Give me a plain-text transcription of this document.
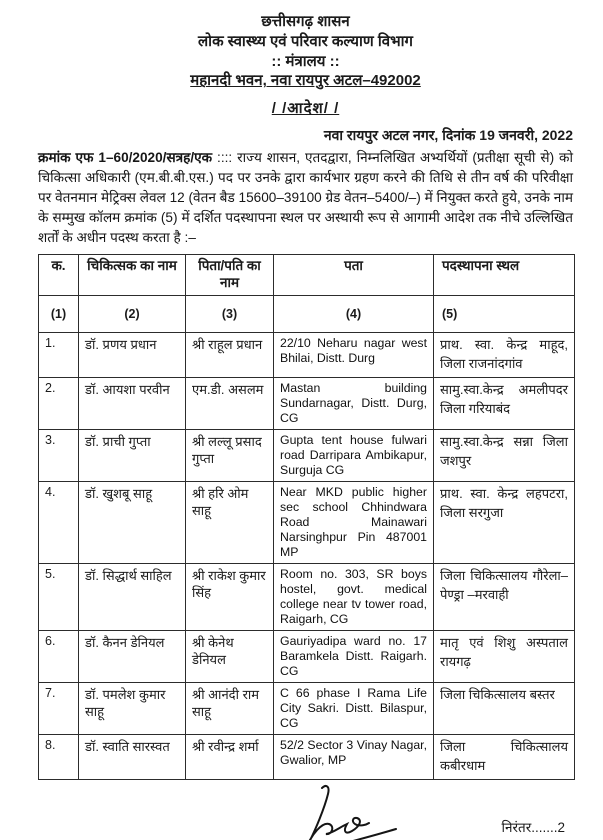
छत्तीसगढ़ शासन
लोक स्वास्थ्य एवं परिवार कल्याण विभाग
:: मंत्रालय ::
महानदी भवन, नवा रायपुर अटल–492002
/ /आदेश/ /
नवा रायपुर अटल नगर, दिनांक 19 जनवरी, 2022
क्रमांक एफ 1–60/2020/सत्रह/एक :::: राज्य शासन, एतदद्वारा, निम्नलिखित अभ्यर्थियों (प्रतीक्षा सूची से) को चिकित्सा अधिकारी (एम.बी.बी.एस.) पद पर उनके द्वारा कार्यभार ग्रहण करने की तिथि से तीन वर्ष की परिवीक्षा पर वेतनमान मेट्रिक्स लेवल 12 (वेतन बैड 15600–39100 ग्रेड वेतन–5400/–) में नियुक्त करते हुये, उनके नाम के सम्मुख कॉलम क्रमांक (5) में दर्शित पदस्थापना स्थल पर अस्थायी रूप से आगामी आदेश तक नीचे उल्लिखित शर्तों के अधीन पदस्थ करता है :–
क.	चिकित्सक का नाम	पिता/पति का नाम	पता	पदस्थापना स्थल
(1)	(2)	(3)	(4)	(5)
1.	डॉ. प्रणय प्रधान	श्री राहूल प्रधान	22/10 Neharu nagar west Bhilai, Distt. Durg	प्राथ. स्वा. केन्द्र माहूद, जिला राजनांदगांव
2.	डॉ. आयशा परवीन	एम.डी. असलम	Mastan building Sundarnagar, Distt. Durg, CG	सामु.स्वा.केन्द्र अमलीपदर जिला गरियाबंद
3.	डॉ. प्राची गुप्ता	श्री लल्लू प्रसाद गुप्ता	Gupta tent house fulwari road Darripara Ambikapur, Surguja CG	सामु.स्वा.केन्द्र सन्ना जिला जशपुर
4.	डॉ. खुशबू साहू	श्री हरि ओम साहू	Near MKD public higher sec school Chhindwara Road Mainawari Narsinghpur Pin 487001 MP	प्राथ. स्वा. केन्द्र लहपटरा, जिला सरगुजा
5.	डॉ. सिद्धार्थ साहिल	श्री राकेश कुमार सिंह	Room no. 303, SR boys hostel, govt. medical college near tv tower road, Raigarh, CG	जिला चिकित्सालय गौरेला–पेण्ड्रा –मरवाही
6.	डॉ. कैनन डेनियल	श्री केनेथ डेनियल	Gauriyadipa ward no. 17 Baramkela Distt. Raigarh. CG	मातृ एवं शिशु अस्पताल रायगढ़
7.	डॉ. पमलेश कुमार साहू	श्री आनंदी राम साहू	C 66 phase I Rama Life City Sakri. Distt. Bilaspur, CG	जिला चिकित्सालय बस्तर
8.	डॉ. स्वाति सारस्वत	श्री रवीन्द्र शर्मा	52/2 Sector 3 Vinay Nagar, Gwalior, MP	जिला चिकित्सालय कबीरधाम
निरंतर.......2
